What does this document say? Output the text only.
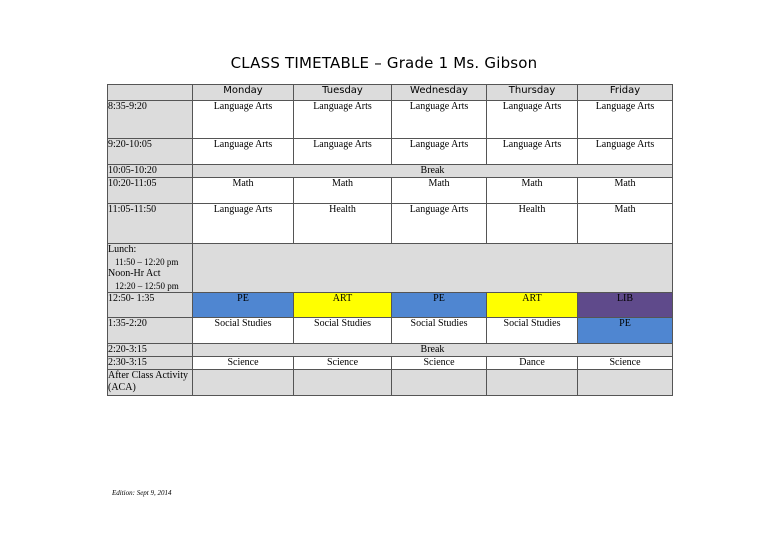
CLASS TIMETABLE – Grade 1 Ms. Gibson
	Monday	Tuesday	Wednesday	Thursday	Friday
8:35-9:20	Language Arts	Language Arts	Language Arts	Language Arts	Language Arts
9:20-10:05	Language Arts	Language Arts	Language Arts	Language Arts	Language Arts
10:05-10:20	Break				
10:20-11:05	Math	Math	Math	Math	Math
11:05-11:50	Language Arts	Health	Language Arts	Health	Math

Lunch:
11:50 – 12:20 pm
Noon-Hr Act
12:20 – 12:50 pm					

12:50- 1:35	PE	ART	PE	ART	LIB
1:35-2:20	Social Studies	Social Studies	Social Studies	Social Studies	PE
2:20-3:15	Break				
2:30-3:15	Science	Science	Science	Dance	Science
After Class Activity (ACA)					
Edition: Sept 9, 2014
